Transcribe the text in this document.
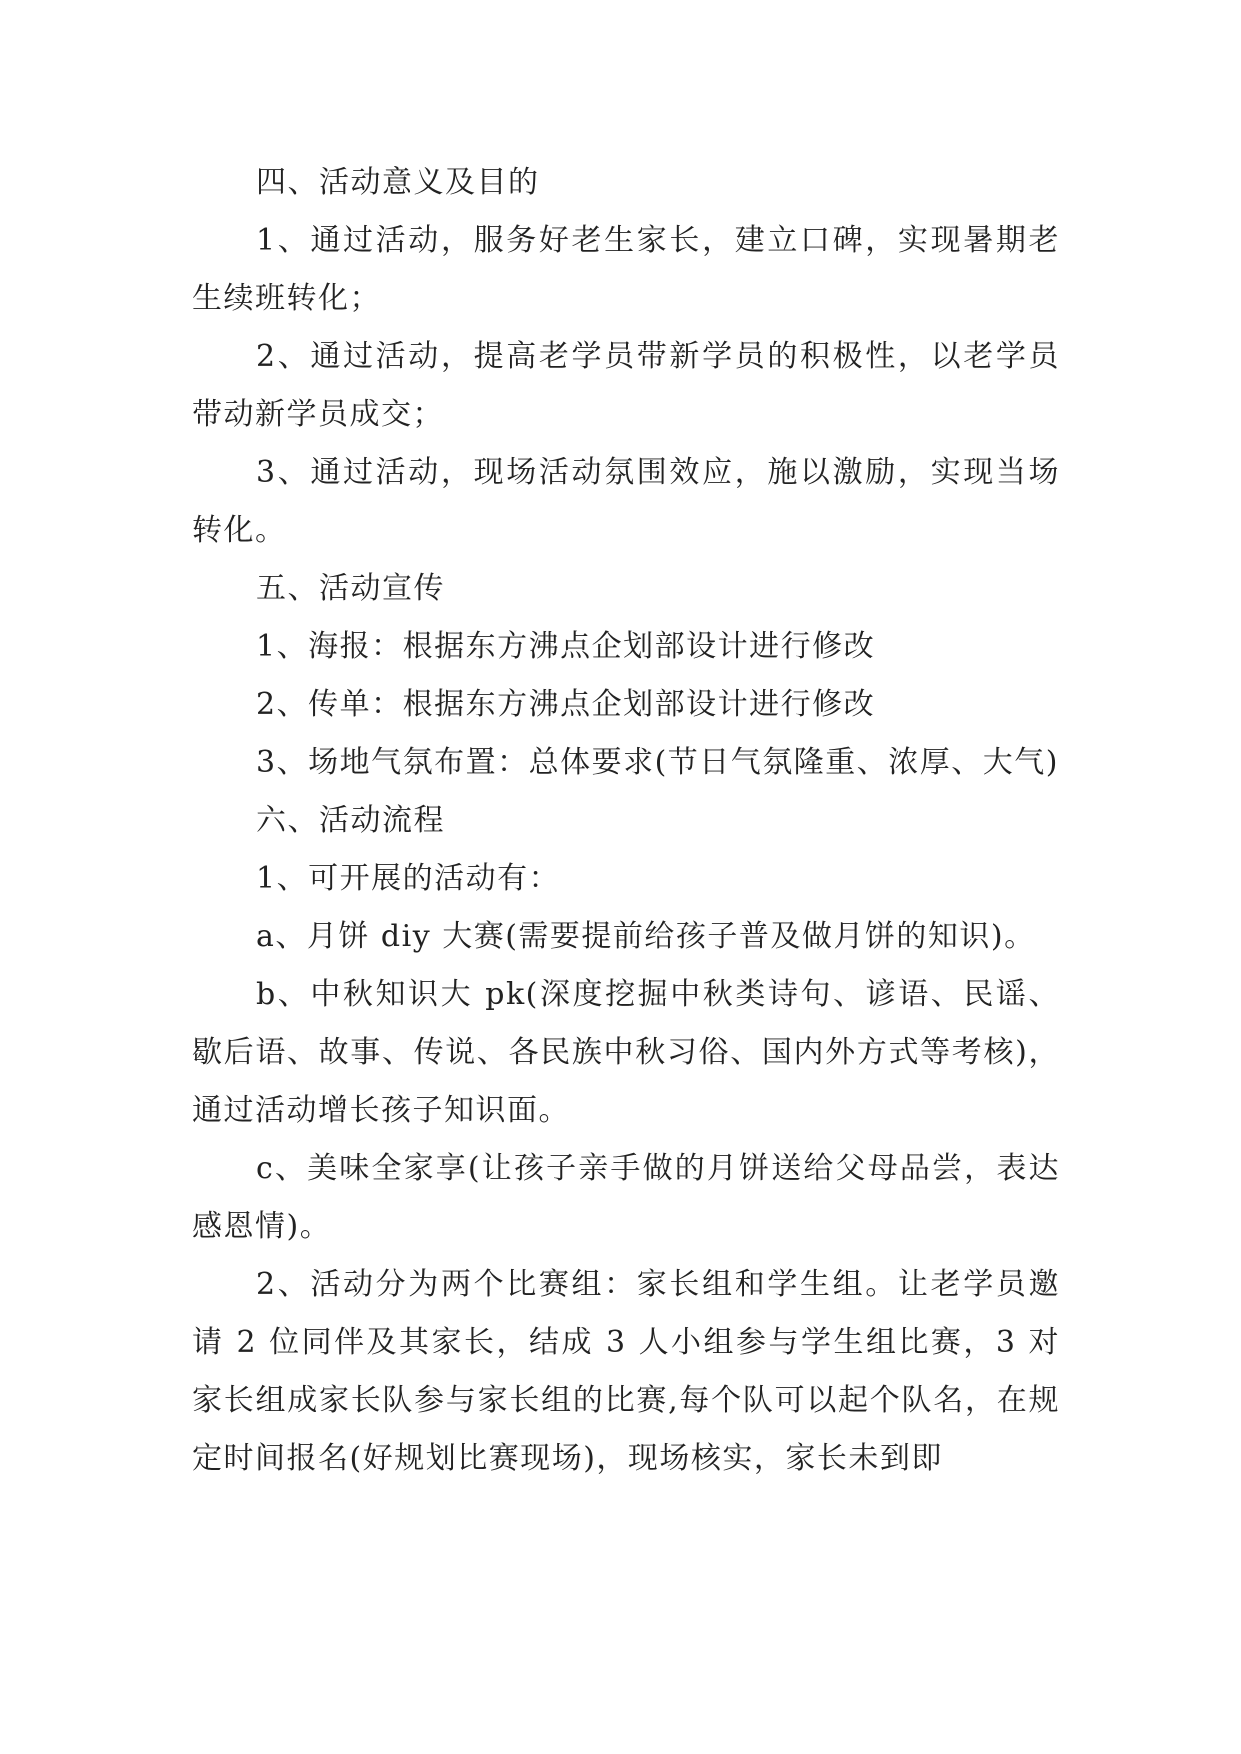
四、活动意义及目的

1、通过活动，服务好老生家长，建立口碑，实现暑期老生续班转化；

2、通过活动，提高老学员带新学员的积极性，以老学员带动新学员成交；

3、通过活动，现场活动氛围效应，施以激励，实现当场转化。

五、活动宣传

1、海报：根据东方沸点企划部设计进行修改

2、传单：根据东方沸点企划部设计进行修改

3、场地气氛布置：总体要求(节日气氛隆重、浓厚、大气)

六、活动流程

1、可开展的活动有：

a、月饼 diy 大赛(需要提前给孩子普及做月饼的知识)。

b、中秋知识大 pk(深度挖掘中秋类诗句、谚语、民谣、歇后语、故事、传说、各民族中秋习俗、国内外方式等考核)，通过活动增长孩子知识面。

c、美味全家享(让孩子亲手做的月饼送给父母品尝，表达感恩情)。

2、活动分为两个比赛组：家长组和学生组。让老学员邀请 2 位同伴及其家长，结成 3 人小组参与学生组比赛，3 对家长组成家长队参与家长组的比赛,每个队可以起个队名，在规定时间报名(好规划比赛现场)，现场核实，家长未到即
